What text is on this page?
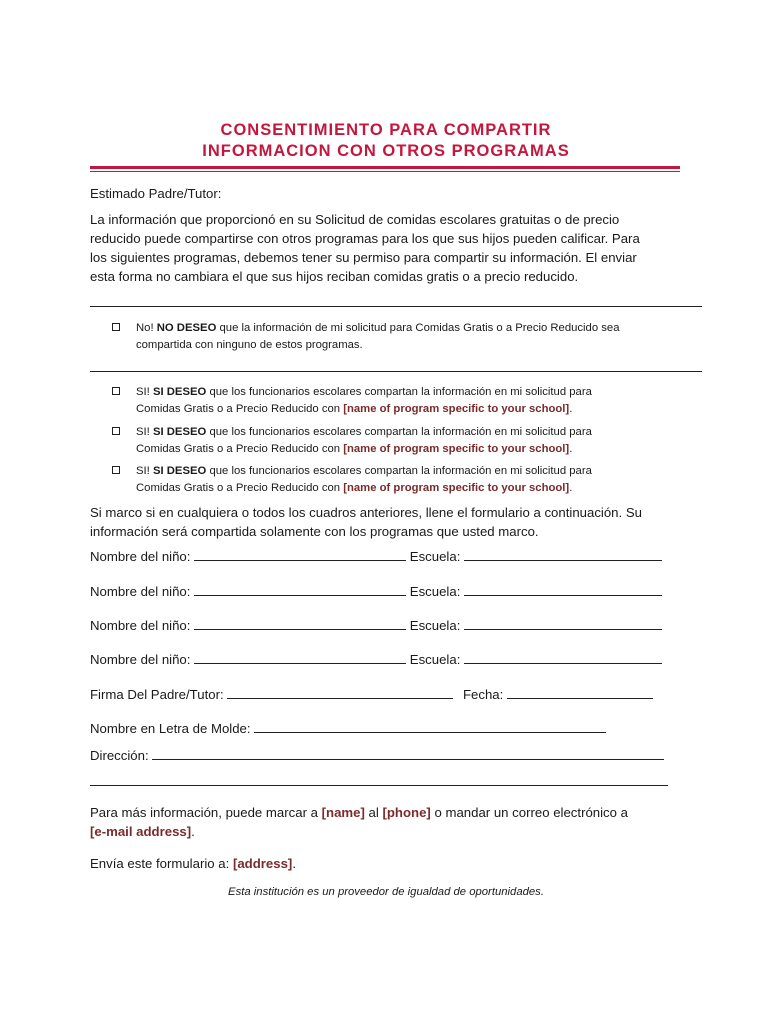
CONSENTIMIENTO PARA COMPARTIR
INFORMACION CON OTROS PROGRAMAS
Estimado Padre/Tutor:
La información que proporcionó en su Solicitud de comidas escolares gratuitas o de precio
reducido puede compartirse con otros programas para los que sus hijos pueden calificar. Para
los siguientes programas, debemos tener su permiso para compartir su información. El enviar
esta forma no cambiara el que sus hijos reciban comidas gratis o a precio reducido.
No! NO DESEO que la información de mi solicitud para Comidas Gratis o a Precio Reducido sea
compartida con ninguno de estos programas.
SI! SI DESEO que los funcionarios escolares compartan la información en mi solicitud para
Comidas Gratis o a Precio Reducido con [name of program specific to your school].
SI! SI DESEO que los funcionarios escolares compartan la información en mi solicitud para
Comidas Gratis o a Precio Reducido con [name of program specific to your school].
SI! SI DESEO que los funcionarios escolares compartan la información en mi solicitud para
Comidas Gratis o a Precio Reducido con [name of program specific to your school].
Si marco si en cualquiera o todos los cuadros anteriores, llene el formulario a continuación. Su
información será compartida solamente con los programas que usted marco.
Nombre del niño:	Escuela:
Nombre del niño:	Escuela:
Nombre del niño:	Escuela:
Nombre del niño:	Escuela:
Firma Del Padre/Tutor:	Fecha:
Nombre en Letra de Molde:
Dirección:
Para más información, puede marcar a [name] al [phone] o mandar un correo electrónico a
[e-mail address].
Envía este formulario a: [address].
Esta institución es un proveedor de igualdad de oportunidades.
